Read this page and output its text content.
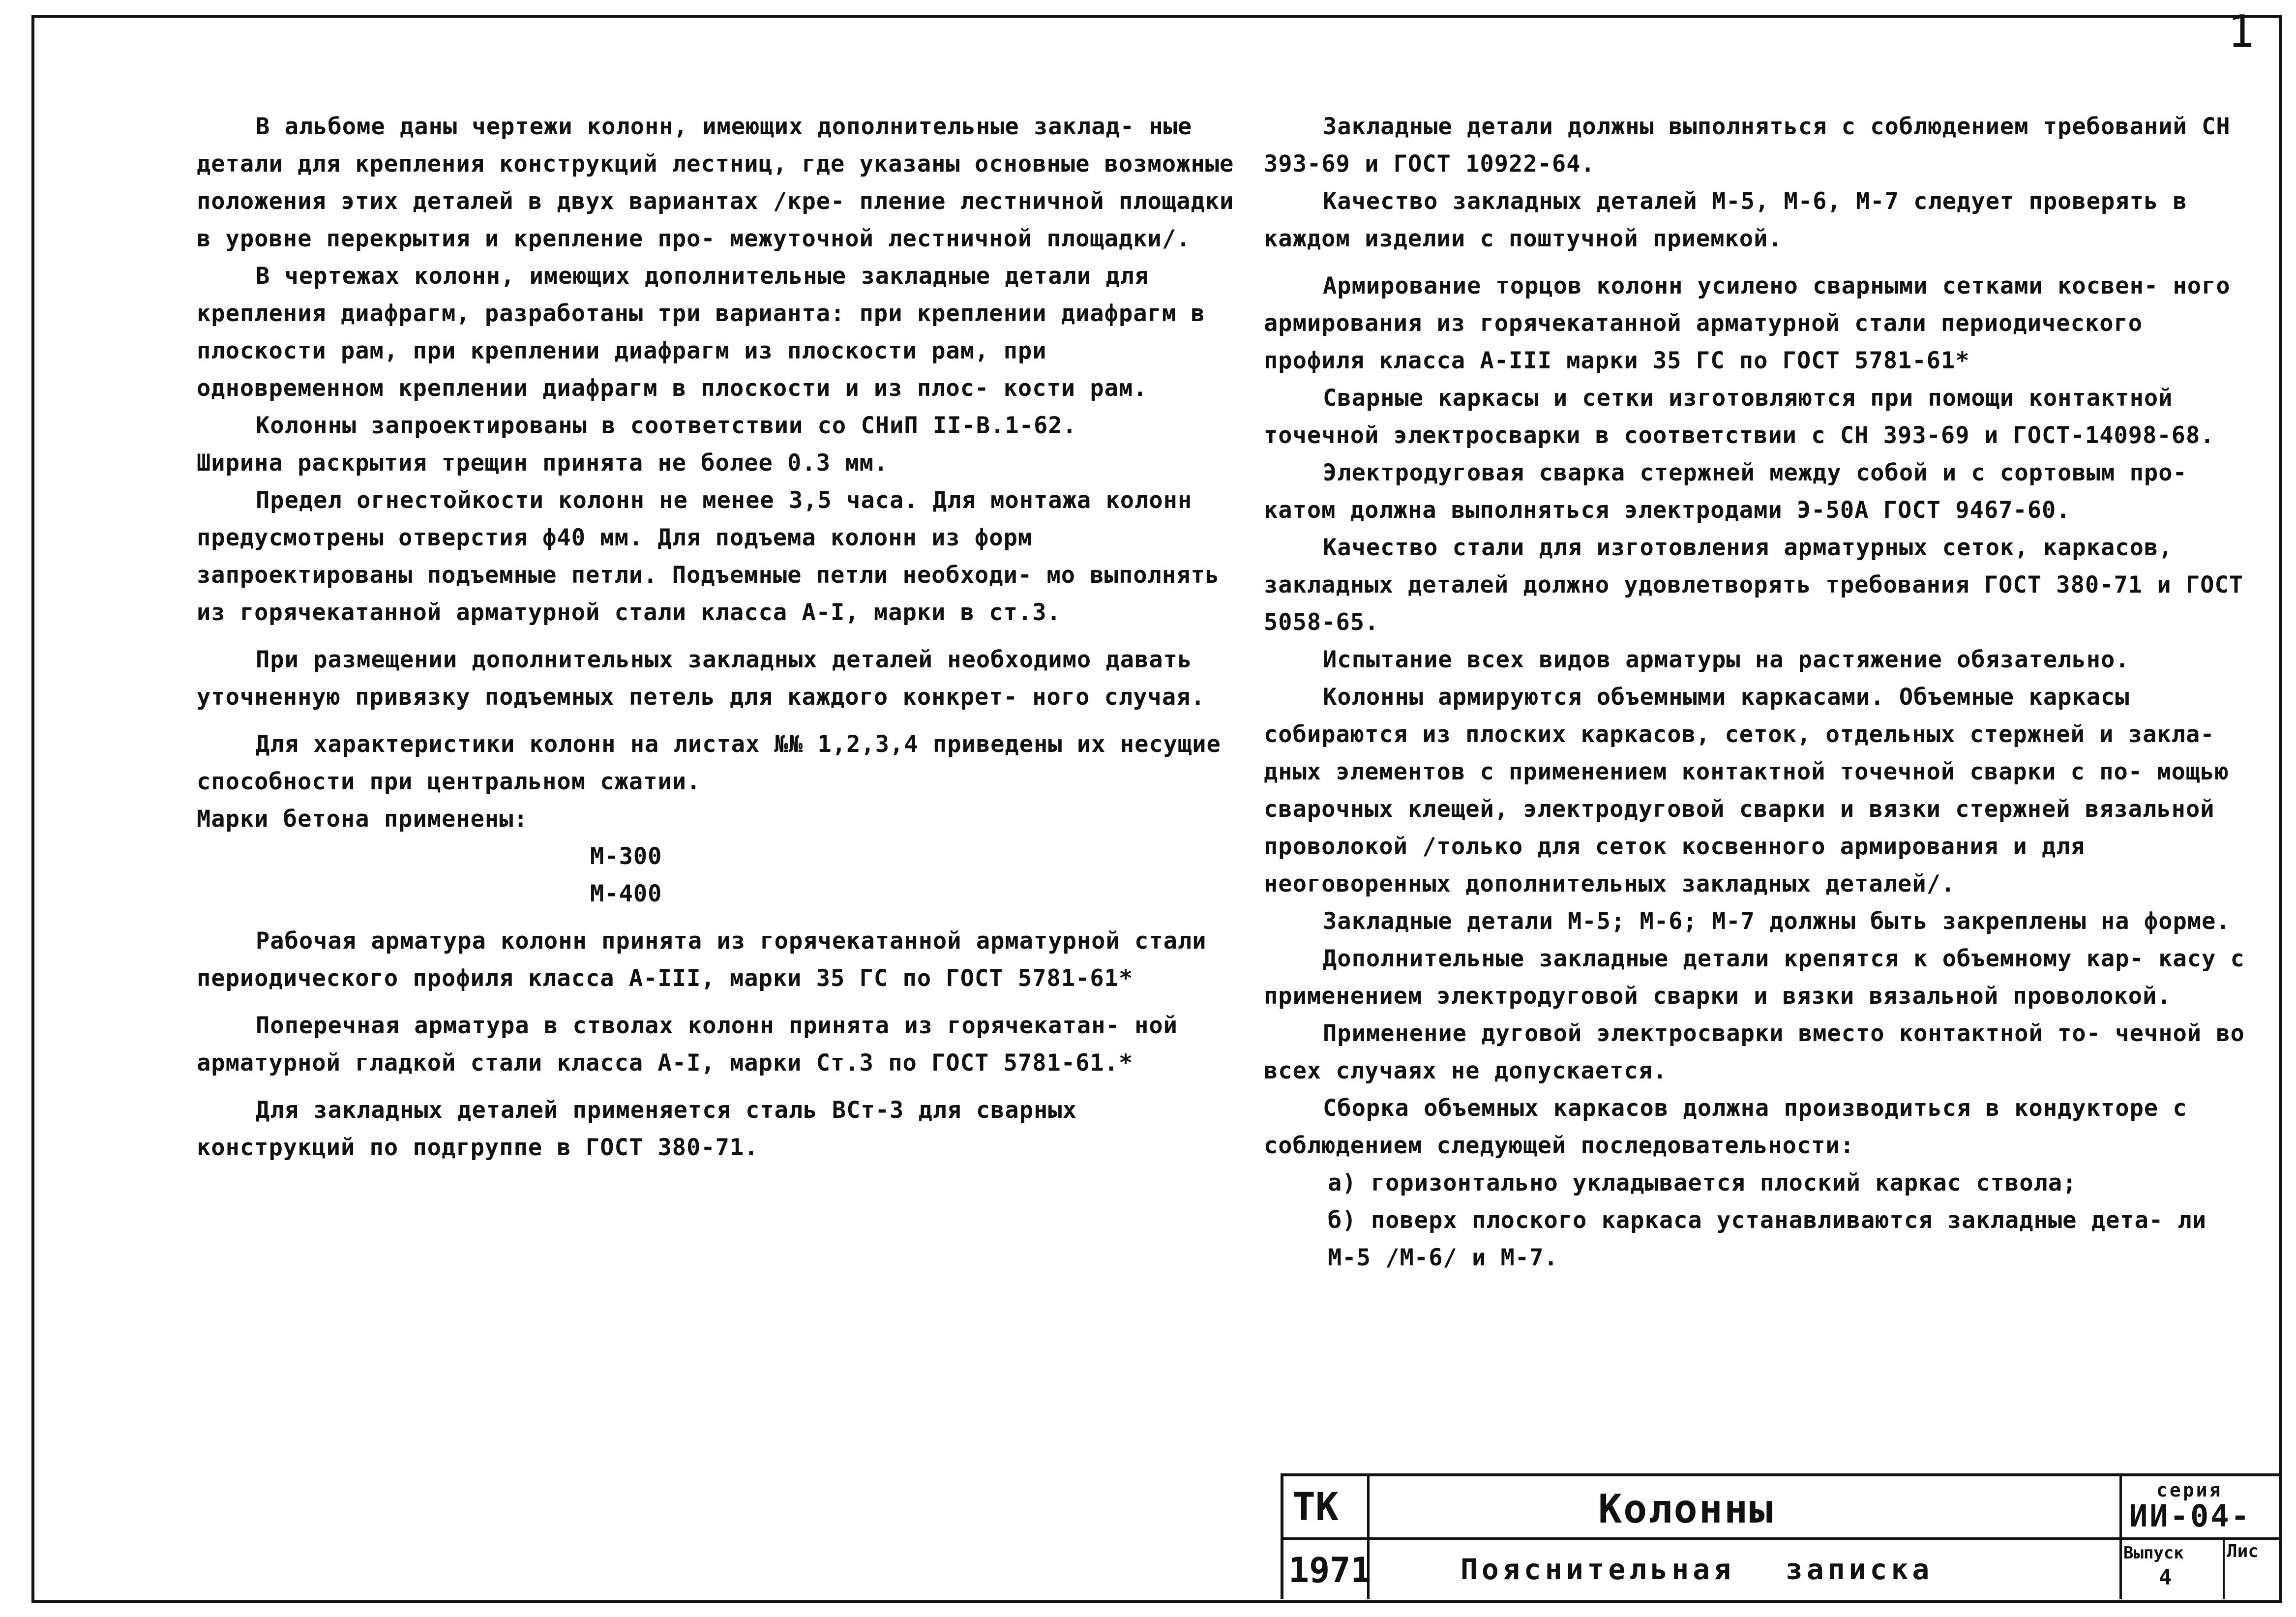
1

В альбоме даны чертежи колонн, имеющих дополнительные заклад- ные детали для крепления конструкций лестниц, где указаны основные возможные положения этих деталей в двух вариантах /кре- пление лестничной площадки в уровне перекрытия и крепление про- межуточной лестничной площадки/.

В чертежах колонн, имеющих дополнительные закладные детали для крепления диафрагм, разработаны три варианта: при креплении диафрагм в плоскости рам, при креплении диафрагм из плоскости рам, при одновременном креплении диафрагм в плоскости и из плос- кости рам.

Колонны запроектированы в соответствии со СНиП II-В.1-62.

Ширина раскрытия трещин принята не более 0.3 мм.

Предел огнестойкости колонн не менее 3,5 часа. Для монтажа колонн предусмотрены отверстия ф40 мм. Для подъема колонн из форм запроектированы подъемные петли. Подъемные петли необходи- мо выполнять из горячекатанной арматурной стали класса А-I, марки в ст.3.

При размещении дополнительных закладных деталей необходимо давать уточненную привязку подъемных петель для каждого конкрет- ного случая.

Для характеристики колонн на листах №№ 1,2,3,4 приведены их несущие способности при центральном сжатии.

Марки бетона применены:

М-300

М-400

Рабочая арматура колонн принята из горячекатанной арматурной стали периодического профиля класса А-III, марки 35 ГС по ГОСТ 5781-61*

Поперечная арматура в стволах колонн принята из горячекатан- ной арматурной гладкой стали класса А-I, марки Ст.3 по ГОСТ 5781-61.*

Для закладных деталей применяется сталь ВСт-3 для сварных конструкций по подгруппе в ГОСТ 380-71.

Закладные детали должны выполняться с соблюдением требований СН 393-69 и ГОСТ 10922-64.

Качество закладных деталей М-5, М-6, М-7 следует проверять в каждом изделии с поштучной приемкой.

Армирование торцов колонн усилено сварными сетками косвен- ного армирования из горячекатанной арматурной стали периодического профиля класса А-III марки 35 ГС по ГОСТ 5781-61*

Сварные каркасы и сетки изготовляются при помощи контактной точечной электросварки в соответствии с СН 393-69 и ГОСТ-14098-68.

Электродуговая сварка стержней между собой и с сортовым про- катом должна выполняться электродами Э-50А ГОСТ 9467-60.

Качество стали для изготовления арматурных сеток, каркасов, закладных деталей должно удовлетворять требования ГОСТ 380-71 и ГОСТ 5058-65.

Испытание всех видов арматуры на растяжение обязательно.

Колонны армируются объемными каркасами. Объемные каркасы собираются из плоских каркасов, сеток, отдельных стержней и закла- дных элементов с применением контактной точечной сварки с по- мощью сварочных клещей, электродуговой сварки и вязки стержней вязальной проволокой /только для сеток косвенного армирования и для неоговоренных дополнительных закладных деталей/.

Закладные детали М-5; М-6; М-7 должны быть закреплены на форме.

Дополнительные закладные детали крепятся к объемному кар- касу с применением электродуговой сварки и вязки вязальной проволокой.

Применение дуговой электросварки вместо контактной то- чечной во всех случаях не допускается.

Сборка объемных каркасов должна производиться в кондукторе с соблюдением следующей последовательности:

а) горизонтально укладывается плоский каркас ствола;

б) поверх плоского каркаса устанавливаются закладные дета- ли М-5 /М-6/ и М-7.

ТК
1971
Колонны
Пояснительная записка
серия
ИИ-04-
Выпуск
4
Лис
